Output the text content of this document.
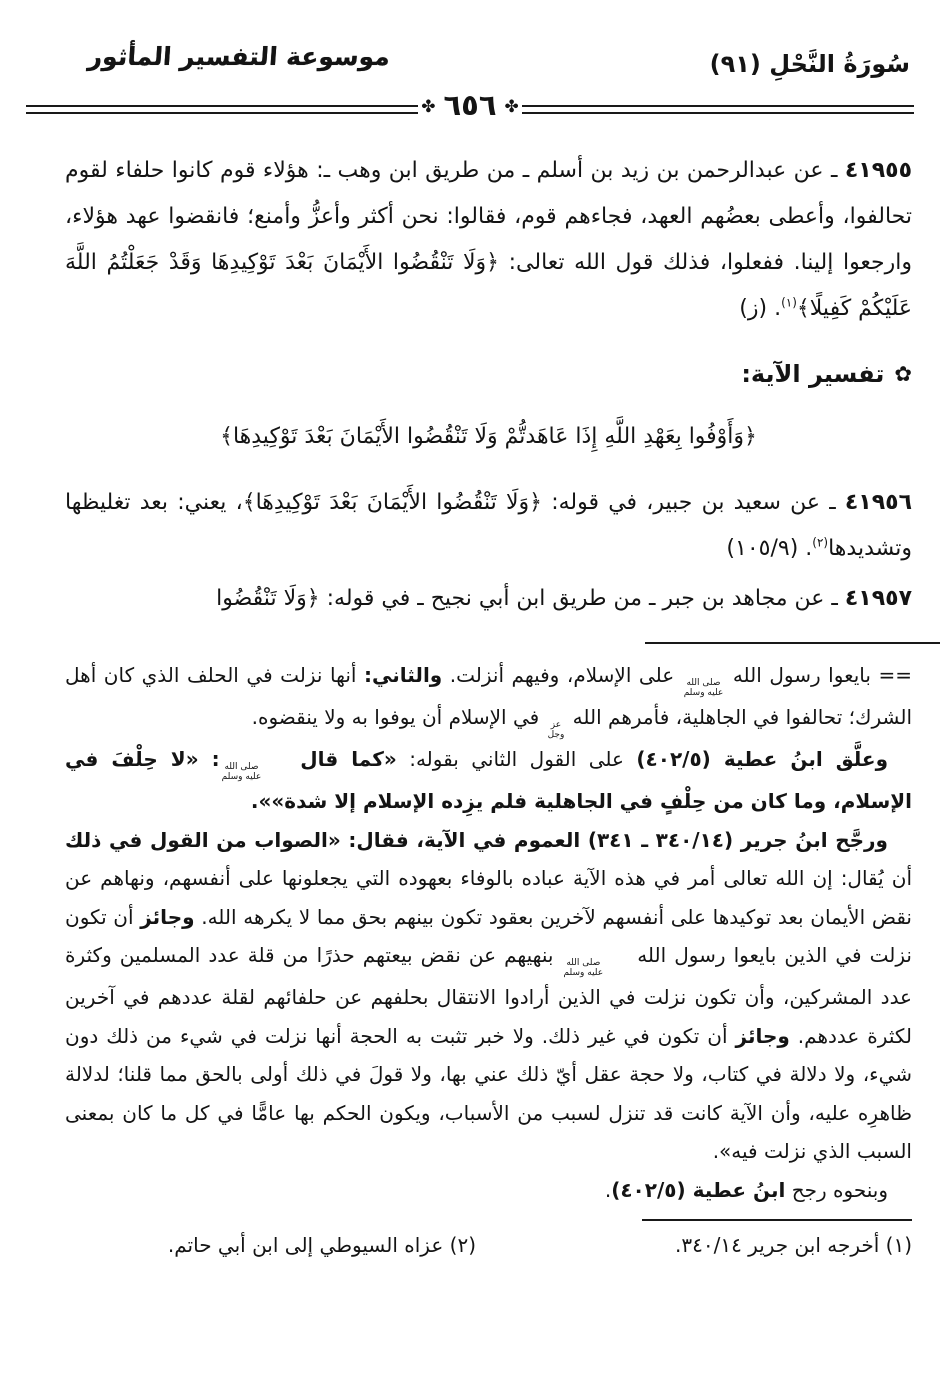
سُورَةُ النَّحْلِ (٩١)
موسوعة التفسير المأثور
✤
٦٥٦
✤

٤١٩٥٥ ـ عن عبدالرحمن بن زيد بن أسلم ـ من طريق ابن وهب ـ: هؤلاء قوم كانوا حلفاء لقوم تحالفوا، وأعطى بعضُهم العهد، فجاءهم قوم، فقالوا: نحن أكثر وأعزُّ وأمنع؛ فانقضوا عهد هؤلاء، وارجعوا إلينا. ففعلوا، فذلك قول الله تعالى: ﴿وَلَا تَنْقُضُوا الأَيْمَانَ بَعْدَ تَوْكِيدِهَا وَقَدْ جَعَلْتُمُ اللَّهَ عَلَيْكُمْ كَفِيلًا﴾$^{(١)}$. (ز)

✿
تفسير الآية:

﴿وَأَوْفُوا بِعَهْدِ اللَّهِ إِذَا عَاهَدتُّمْ وَلَا تَنْقُضُوا الأَيْمَانَ بَعْدَ تَوْكِيدِهَا﴾

٤١٩٥٦ ـ عن سعيد بن جبير، في قوله: ﴿وَلَا تَنْقُضُوا الأَيْمَانَ بَعْدَ تَوْكِيدِهَا﴾، يعني: بعد تغليظها وتشديدها$^{(٢)}$. (١٠٥/٩)

٤١٩٥٧ ـ عن مجاهد بن جبر ـ من طريق ابن أبي نجيح ـ في قوله: ﴿وَلَا تَنْقُضُوا

== بايعوا رسول الله
صلى الله
عليه وسلم
على الإسلام، وفيهم أنزلت. والثاني: أنها نزلت في الحلف الذي كان أهل الشرك؛ تحالفوا في الجاهلية، فأمرهم الله
عز
وجل
في الإسلام أن يوفوا به ولا ينقضوه.

وعلَّق ابنُ عطية (٤٠٢/٥) على القول الثاني بقوله: «كما قال
صلى الله
عليه وسلم
: «لا حِلْفَ في الإسلام، وما كان من حِلْفٍ في الجاهلية فلم يزِده الإسلام إلا شدة»».

ورجَّح ابنُ جرير (٣٤٠/١٤ ـ ٣٤١) العموم في الآية، فقال: «الصواب من القول في ذلك أن يُقال: إن الله تعالى أمر في هذه الآية عباده بالوفاء بعهوده التي يجعلونها على أنفسهم، ونهاهم عن نقض الأيمان بعد توكيدها على أنفسهم لآخرين بعقود تكون بينهم بحق مما لا يكرهه الله. وجائز أن تكون نزلت في الذين بايعوا رسول الله
صلى الله
عليه وسلم
بنهيهم عن نقض بيعتهم حذرًا من قلة عدد المسلمين وكثرة عدد المشركين، وأن تكون نزلت في الذين أرادوا الانتقال بحلفهم عن حلفائهم لقلة عددهم في آخرين لكثرة عددهم. وجائز أن تكون في غير ذلك. ولا خبر تثبت به الحجة أنها نزلت في شيء من ذلك دون شيء، ولا دلالة في كتاب، ولا حجة عقل أيّ ذلك عني بها، ولا قولَ في ذلك أولى بالحق مما قلنا؛ لدلالة ظاهرِه عليه، وأن الآية كانت قد تنزل لسبب من الأسباب، ويكون الحكم بها عامًّا في كل ما كان بمعنى السبب الذي نزلت فيه».

وبنحوه رجح ابنُ عطية (٤٠٢/٥).

(١) أخرجه ابن جرير ٣٤٠/١٤.
(٢) عزاه السيوطي إلى ابن أبي حاتم.
